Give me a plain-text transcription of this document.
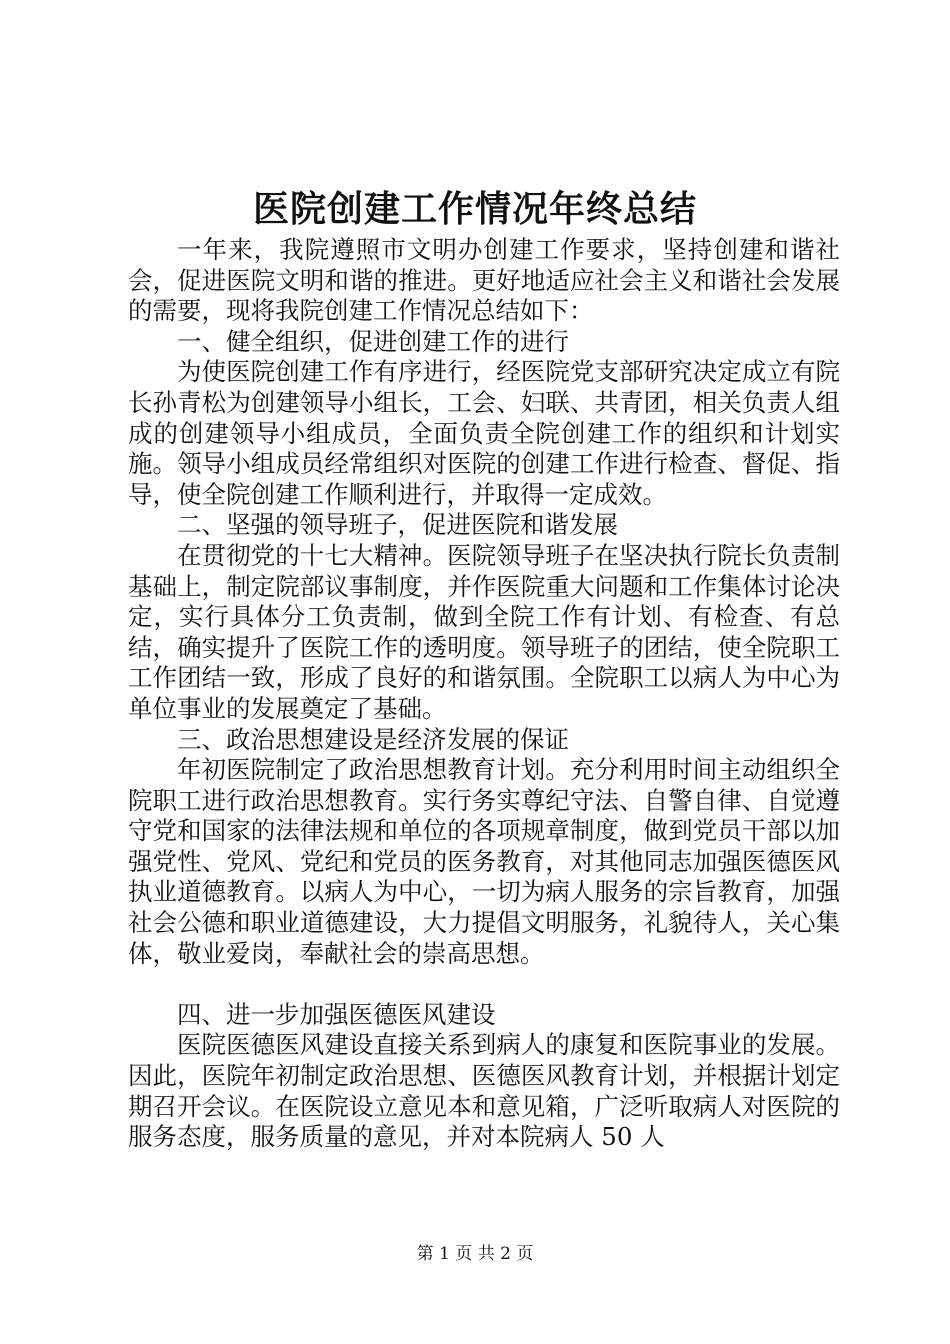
医院创建工作情况年终总结

一年来，我院遵照市文明办创建工作要求，坚持创建和谐社会，促进医院文明和谐的推进。更好地适应社会主义和谐社会发展的需要，现将我院创建工作情况总结如下：

一、健全组织，促进创建工作的进行

为使医院创建工作有序进行，经医院党支部研究决定成立有院长孙青松为创建领导小组长，工会、妇联、共青团，相关负责人组成的创建领导小组成员，全面负责全院创建工作的组织和计划实施。领导小组成员经常组织对医院的创建工作进行检查、督促、指导，使全院创建工作顺利进行，并取得一定成效。

二、坚强的领导班子，促进医院和谐发展

在贯彻党的十七大精神。医院领导班子在坚决执行院长负责制基础上，制定院部议事制度，并作医院重大问题和工作集体讨论决定，实行具体分工负责制，做到全院工作有计划、有检查、有总结，确实提升了医院工作的透明度。领导班子的团结，使全院职工工作团结一致，形成了良好的和谐氛围。全院职工以病人为中心为单位事业的发展奠定了基础。

三、政治思想建设是经济发展的保证

年初医院制定了政治思想教育计划。充分利用时间主动组织全院职工进行政治思想教育。实行务实尊纪守法、自警自律、自觉遵守党和国家的法律法规和单位的各项规章制度，做到党员干部以加强党性、党风、党纪和党员的医务教育，对其他同志加强医德医风执业道德教育。以病人为中心，一切为病人服务的宗旨教育，加强社会公德和职业道德建设，大力提倡文明服务，礼貌待人，关心集体，敬业爱岗，奉献社会的崇高思想。

四、进一步加强医德医风建设

医院医德医风建设直接关系到病人的康复和医院事业的发展。因此，医院年初制定政治思想、医德医风教育计划，并根据计划定期召开会议。在医院设立意见本和意见箱，广泛听取病人对医院的服务态度，服务质量的意见，并对本院病人 50 人

第 1 页 共 2 页
